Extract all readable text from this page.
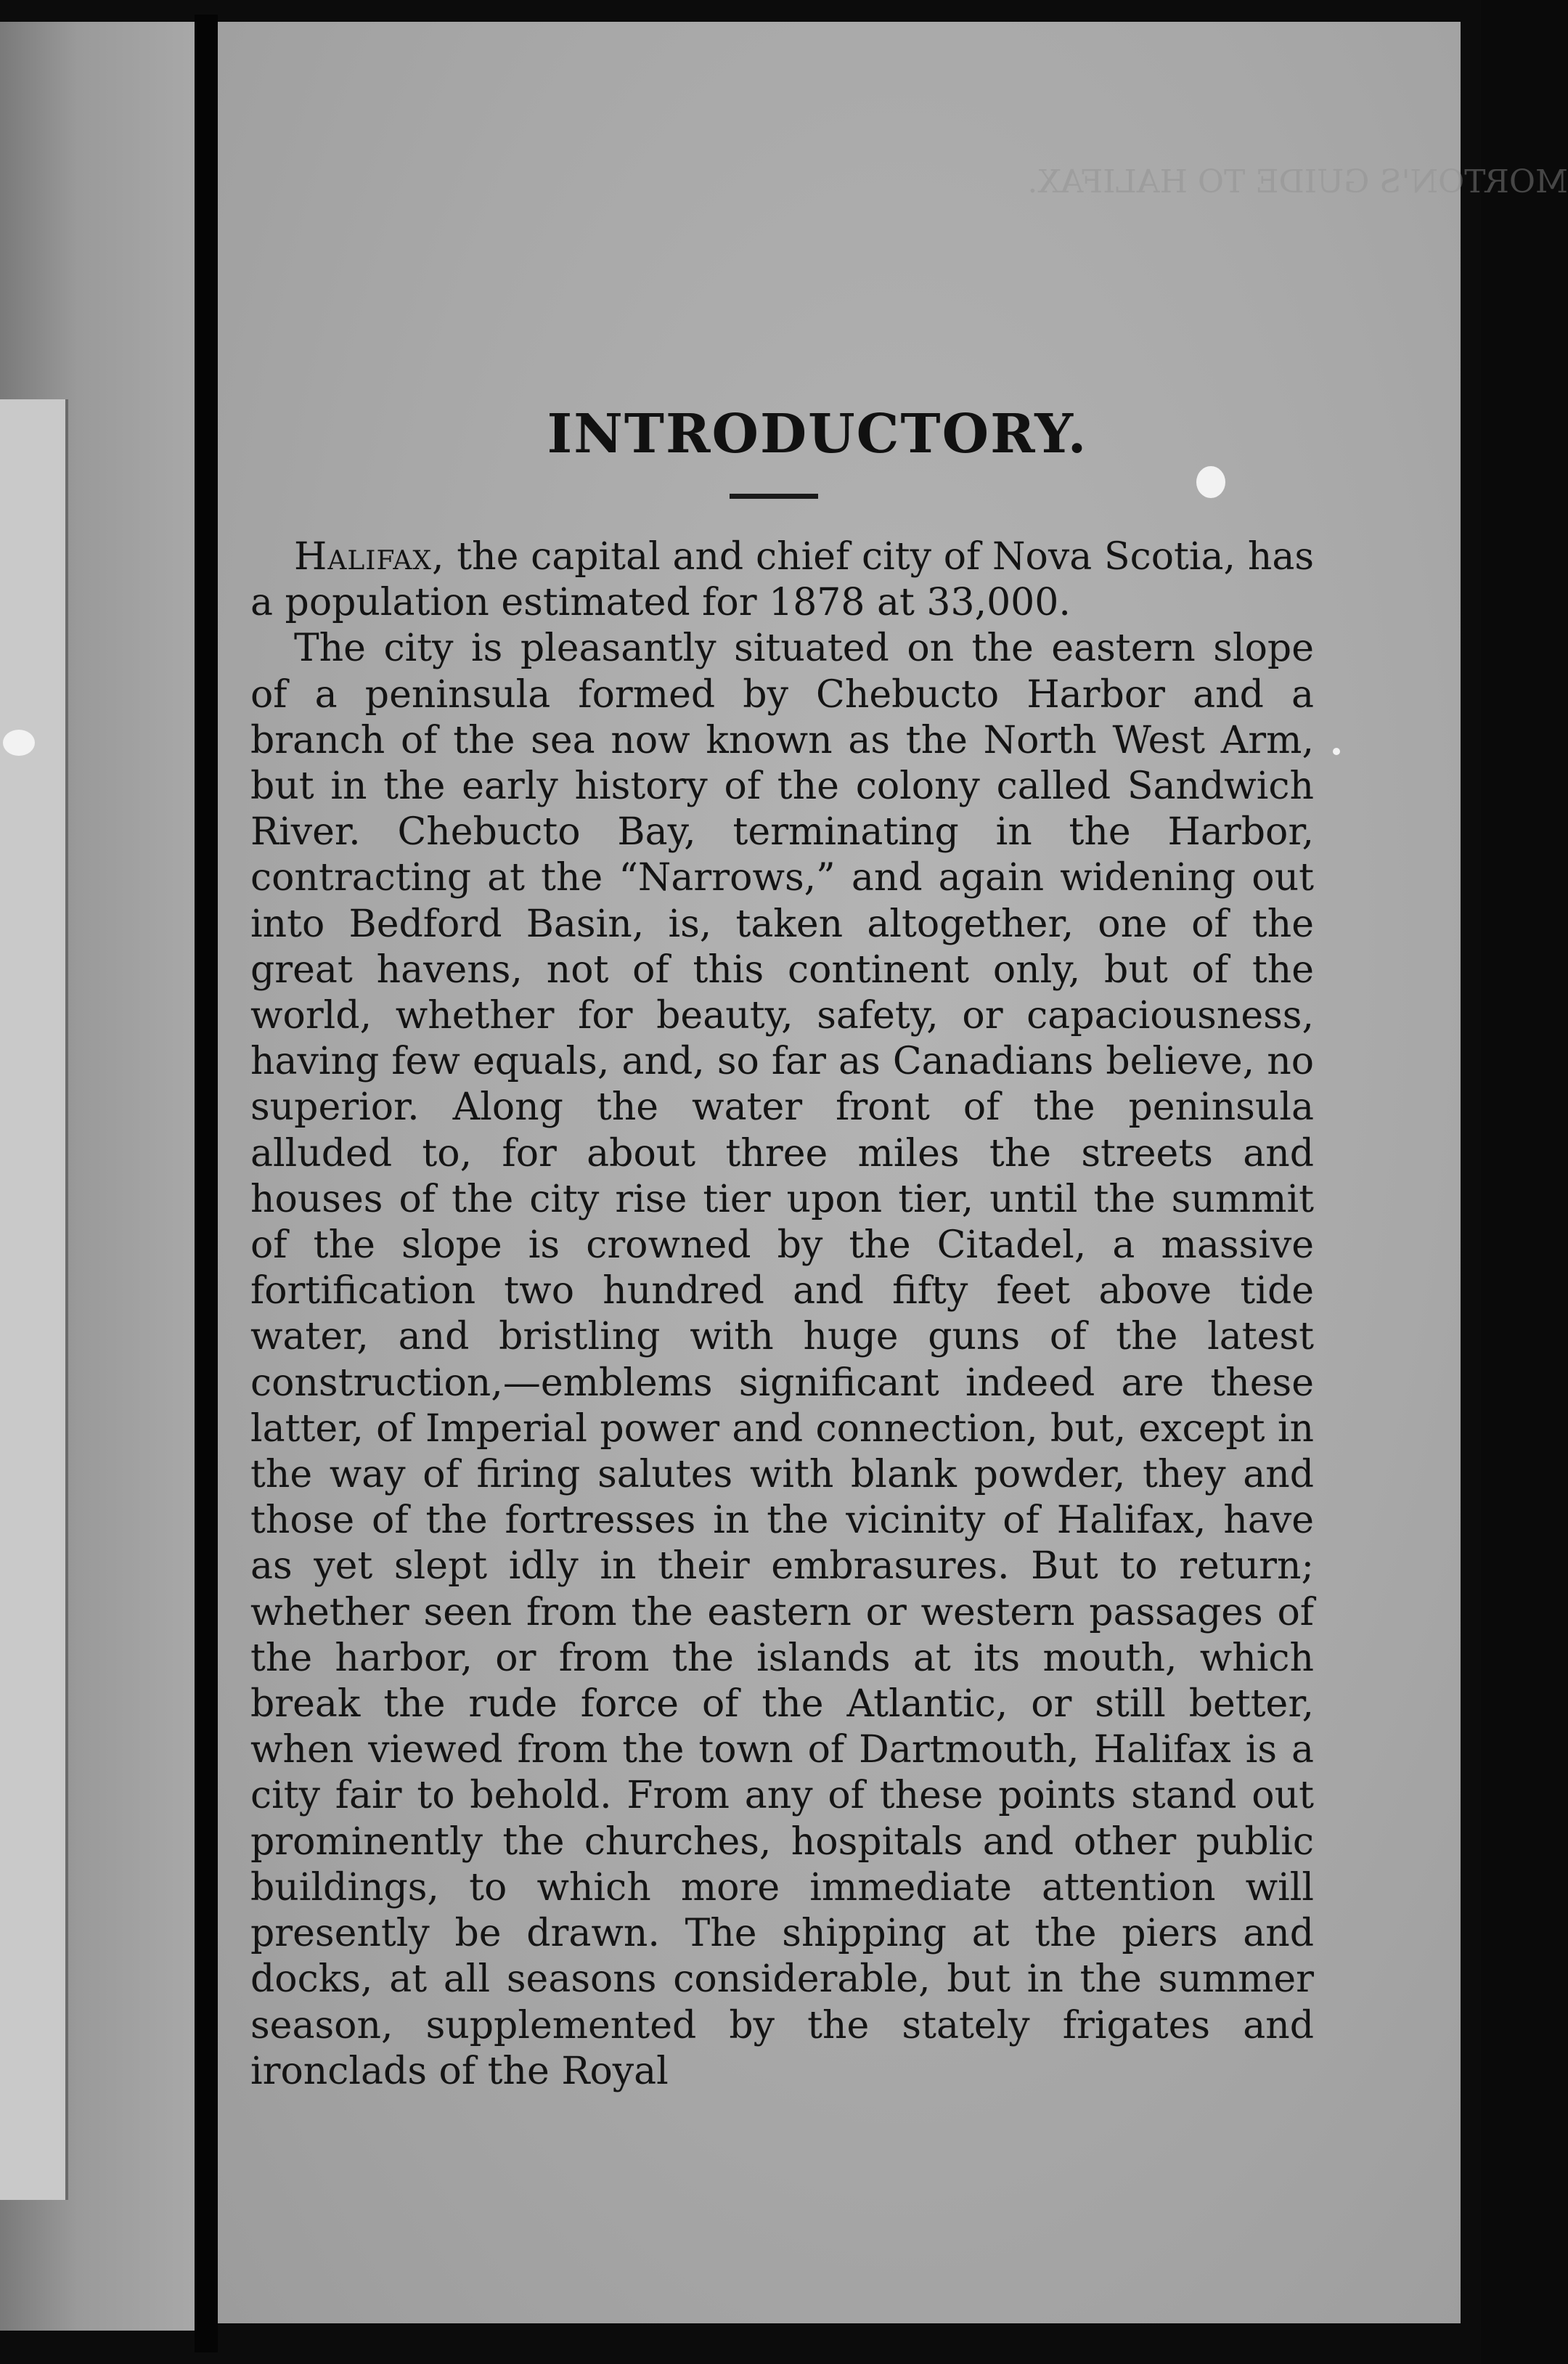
MORTON'S GUIDE TO HALIFAX.
INTRODUCTORY.

Halifax, the capital and chief city of Nova Scotia, has a population estimated for 1878 at 33,000.

The city is pleasantly situated on the eastern slope of a peninsula formed by Chebucto Harbor and a branch of the sea now known as the North West Arm, but in the early history of the colony called Sandwich River. Chebucto Bay, terminating in the Harbor, contracting at the “Narrows,” and again widening out into Bedford Basin, is, taken altogether, one of the great havens, not of this continent only, but of the world, whether for beauty, safety, or capaciousness, having few equals, and, so far as Canadians believe, no superior. Along the water front of the peninsula alluded to, for about three miles the streets and houses of the city rise tier upon tier, until the summit of the slope is crowned by the Citadel, a massive fortification two hundred and fifty feet above tide water, and bristling with huge guns of the latest construction,—emblems significant indeed are these latter, of Imperial power and connection, but, except in the way of firing salutes with blank powder, they and those of the fortresses in the vicinity of Halifax, have as yet slept idly in their embrasures. But to return; whether seen from the eastern or western passages of the harbor, or from the islands at its mouth, which break the rude force of the Atlantic, or still better, when viewed from the town of Dartmouth, Halifax is a city fair to behold. From any of these points stand out prominently the churches, hospitals and other public buildings, to which more immediate attention will presently be drawn. The shipping at the piers and docks, at all seasons considerable, but in the summer season, supplemented by the stately frigates and ironclads of the Royal
